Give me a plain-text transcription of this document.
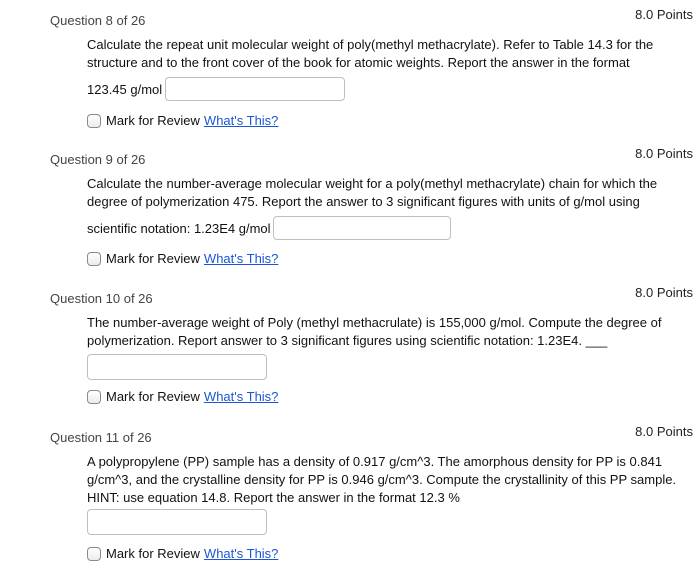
Question 8 of 26	8.0 Points
Calculate the repeat unit molecular weight of poly(methyl methacrylate). Refer to Table 14.3 for the structure and to the front cover of the book for atomic weights. Report the answer in the format
123.45 g/mol
Mark for Review What's This?
Question 9 of 26	8.0 Points
Calculate the number-average molecular weight for a poly(methyl methacrylate) chain for which the degree of polymerization 475. Report the answer to 3 significant figures with units of g/mol using
scientific notation: 1.23E4 g/mol
Mark for Review What's This?
Question 10 of 26	8.0 Points
The number-average weight of Poly (methyl methacrulate) is 155,000 g/mol. Compute the degree of polymerization. Report answer to 3 significant figures using scientific notation: 1.23E4. ___
Mark for Review What's This?
Question 11 of 26	8.0 Points
A polypropylene (PP) sample has a density of 0.917 g/cm^3. The amorphous density for PP is 0.841 g/cm^3, and the crystalline density for PP is 0.946 g/cm^3. Compute the crystallinity of this PP sample. HINT: use equation 14.8. Report the answer in the format 12.3 %
Mark for Review What's This?
